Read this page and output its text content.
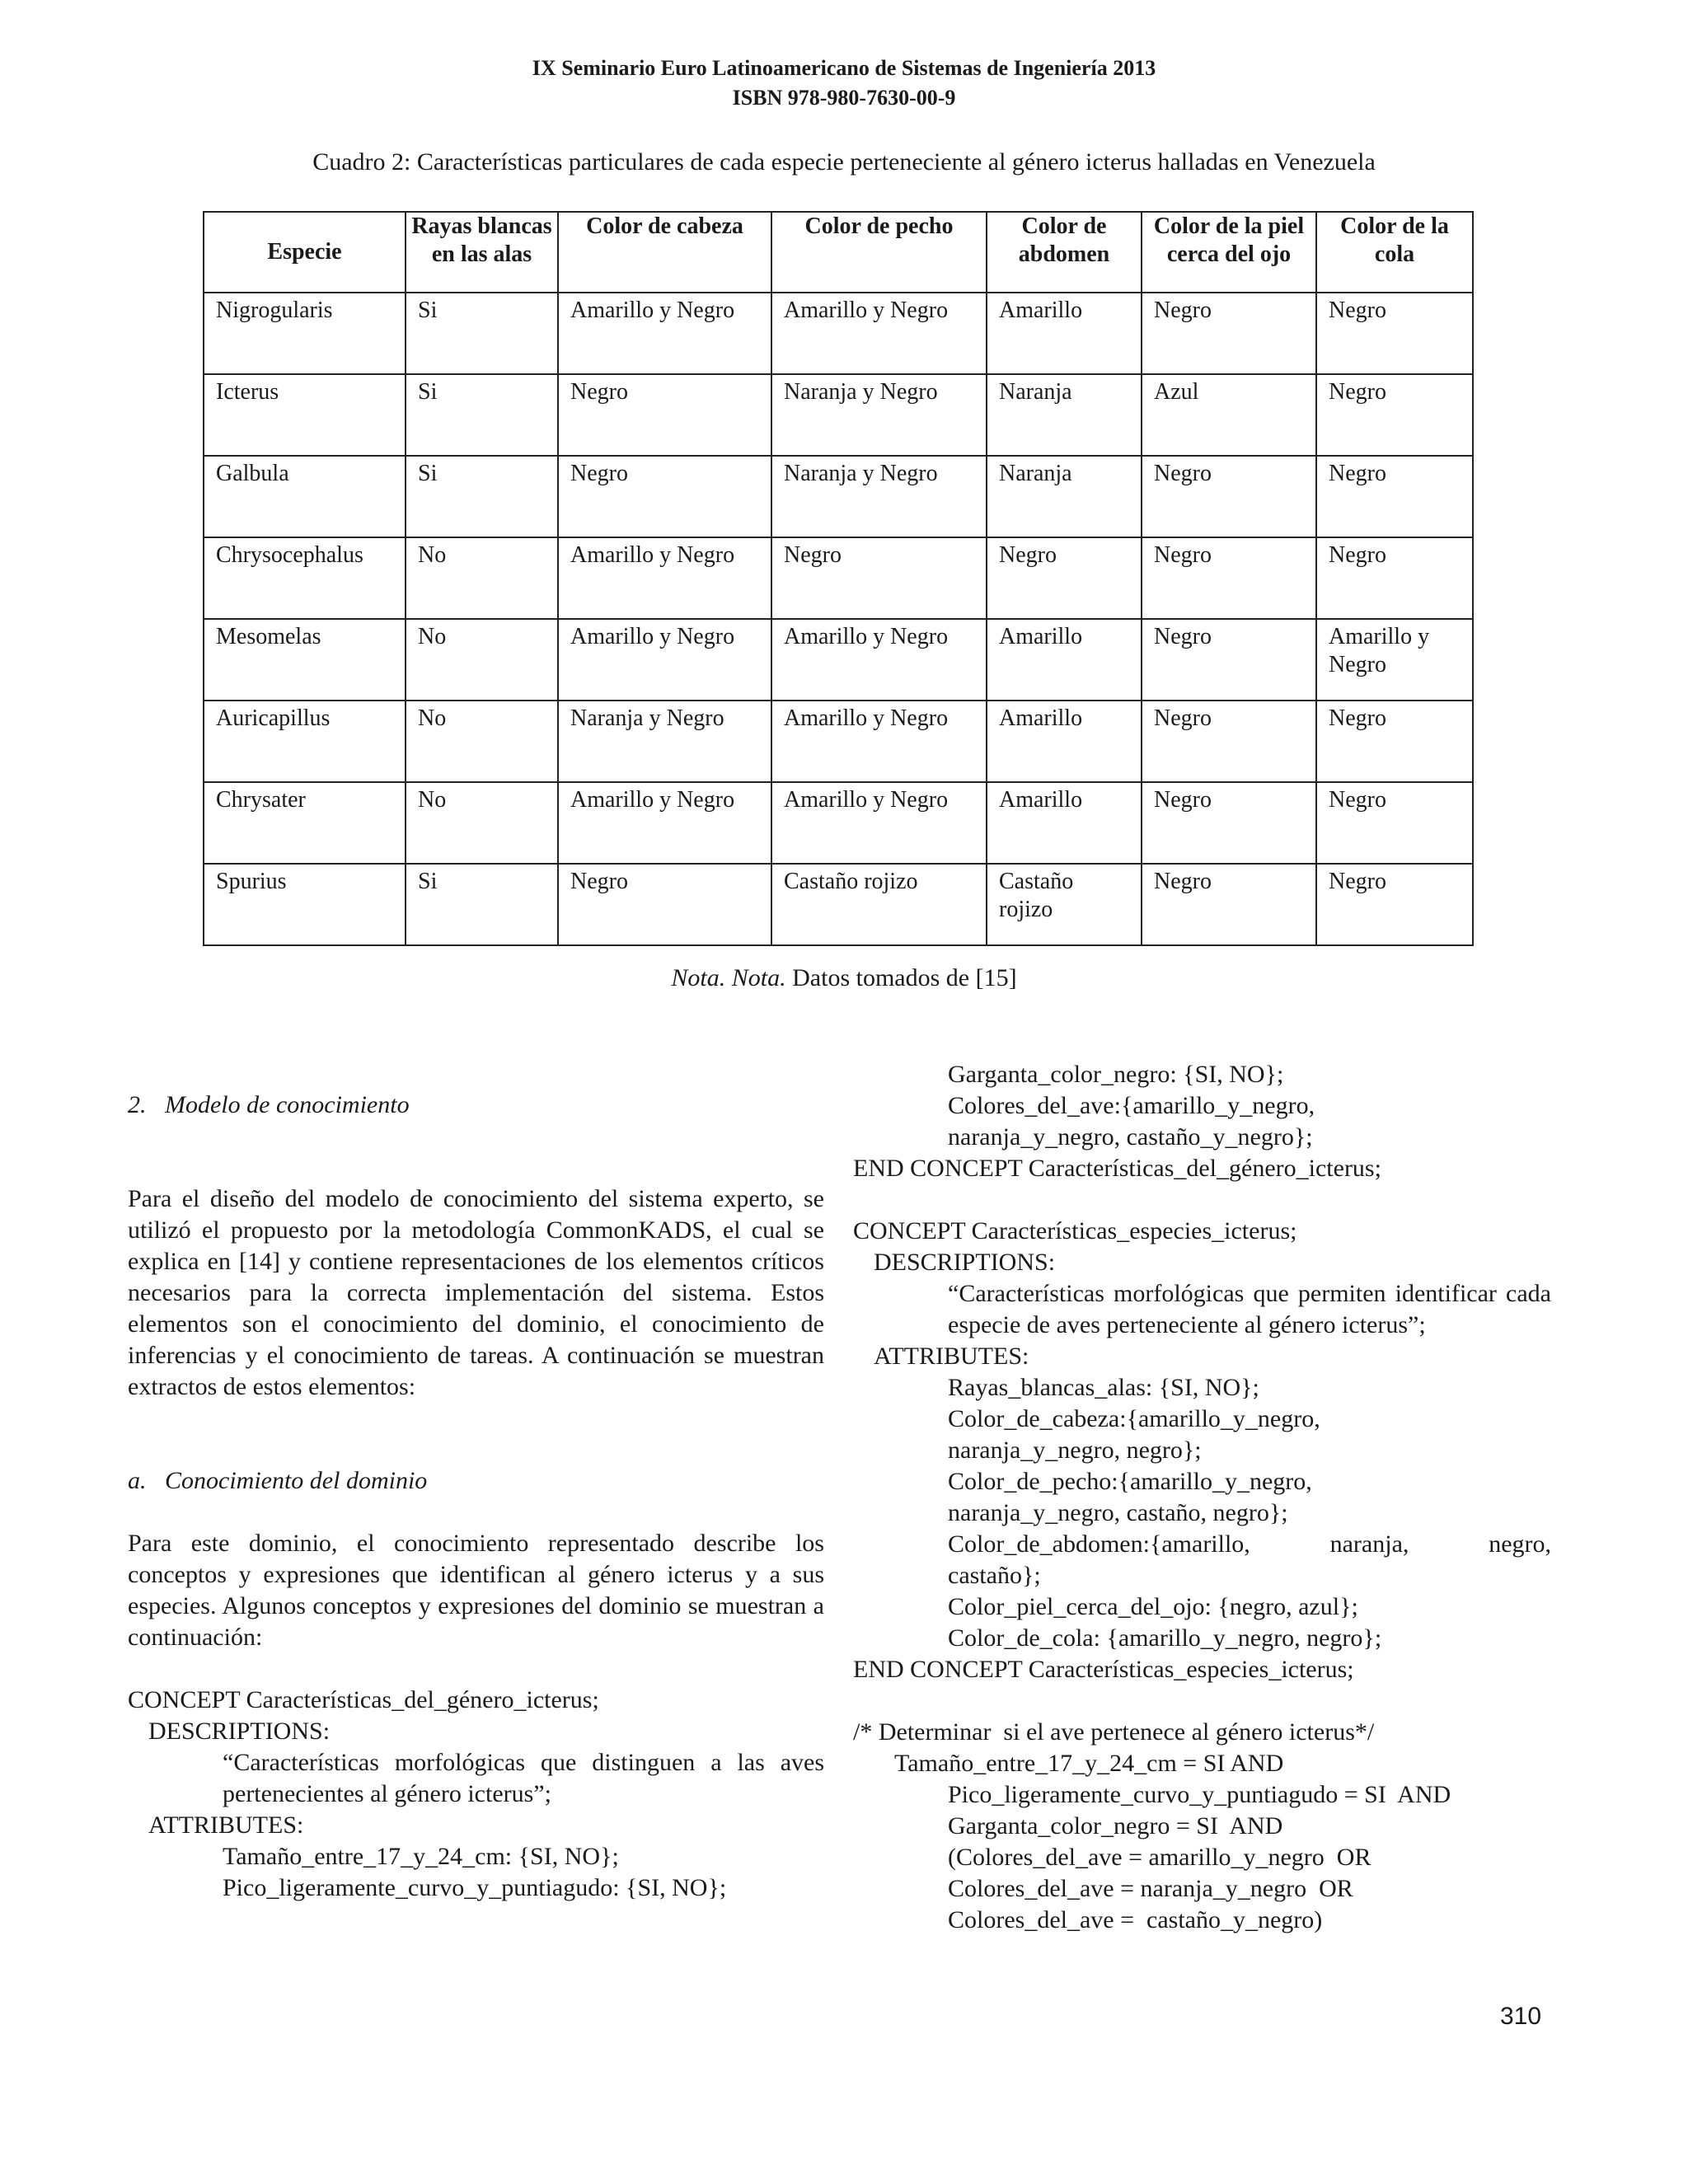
IX Seminario Euro Latinoamericano de Sistemas de Ingeniería 2013
ISBN 978-980-7630-00-9
Cuadro 2: Características particulares de cada especie perteneciente al género icterus halladas en Venezuela
Especie	Rayas blancas en las alas	Color de cabeza	Color de pecho	Color de abdomen	Color de la piel cerca del ojo	Color de la cola
Nigrogularis	Si	Amarillo y Negro	Amarillo y Negro	Amarillo	Negro	Negro
Icterus	Si	Negro	Naranja y Negro	Naranja	Azul	Negro
Galbula	Si	Negro	Naranja y Negro	Naranja	Negro	Negro
Chrysocephalus	No	Amarillo y Negro	Negro	Negro	Negro	Negro
Mesomelas	No	Amarillo y Negro	Amarillo y Negro	Amarillo	Negro	Amarillo y Negro
Auricapillus	No	Naranja y Negro	Amarillo y Negro	Amarillo	Negro	Negro
Chrysater	No	Amarillo y Negro	Amarillo y Negro	Amarillo	Negro	Negro
Spurius	Si	Negro	Castaño rojizo	Castaño rojizo	Negro	Negro
Nota. Nota. Datos tomados de [15]
2.   Modelo de conocimiento
Para el diseño del modelo de conocimiento del sistema experto, se utilizó el propuesto por la metodología CommonKADS, el cual se explica en [14] y contiene representaciones de los elementos críticos necesarios para la correcta implementación del sistema. Estos elementos son el conocimiento del dominio, el conocimiento de inferencias y el conocimiento de tareas. A continuación se muestran extractos de estos elementos:
a.   Conocimiento del dominio
Para este dominio, el conocimiento representado describe los conceptos y expresiones que identifican al género icterus y a sus especies. Algunos conceptos y expresiones del dominio se muestran a continuación:
CONCEPT Características_del_género_icterus;
DESCRIPTIONS:
“Características morfológicas que distinguen a las aves pertenecientes al género icterus”;
ATTRIBUTES:
Tamaño_entre_17_y_24_cm: {SI, NO};
Pico_ligeramente_curvo_y_puntiagudo: {SI, NO};
Garganta_color_negro: {SI, NO};
Colores_del_ave:{amarillo_y_negro,
naranja_y_negro, castaño_y_negro};
END CONCEPT Características_del_género_icterus;
CONCEPT Características_especies_icterus;
DESCRIPTIONS:
“Características morfológicas que permiten identificar cada especie de aves perteneciente al género icterus”;
ATTRIBUTES:
Rayas_blancas_alas: {SI, NO};
Color_de_cabeza:{amarillo_y_negro,
naranja_y_negro, negro};
Color_de_pecho:{amarillo_y_negro,
naranja_y_negro, castaño, negro};
Color_de_abdomen:{amarillo, naranja, negro,
castaño};
Color_piel_cerca_del_ojo: {negro, azul};
Color_de_cola: {amarillo_y_negro, negro};
END CONCEPT Características_especies_icterus;
/* Determinar  si el ave pertenece al género icterus*/
Tamaño_entre_17_y_24_cm = SI AND
Pico_ligeramente_curvo_y_puntiagudo = SI  AND
Garganta_color_negro = SI  AND
(Colores_del_ave = amarillo_y_negro  OR
Colores_del_ave = naranja_y_negro  OR
Colores_del_ave =  castaño_y_negro)
310
